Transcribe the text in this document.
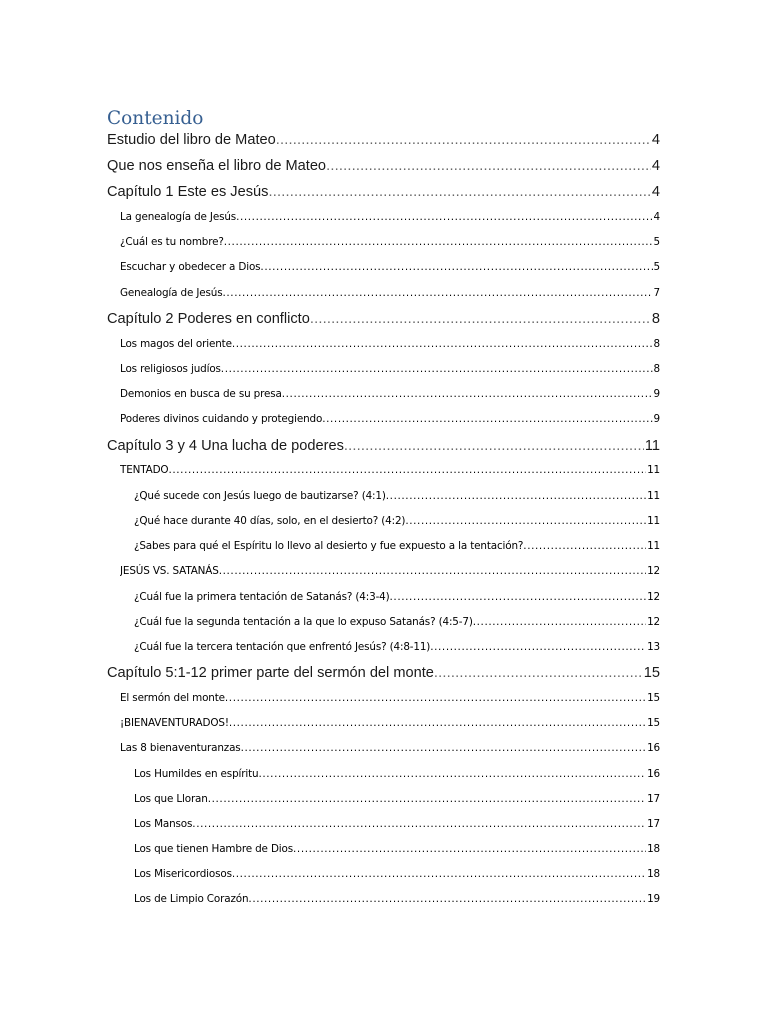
Contenido
Estudio del libro de Mateo .....	4
Que nos enseña el libro de Mateo .....	4
Capítulo 1 Este es Jesús .....	4
La genealogía de Jesús .....	4
¿Cuál es tu nombre? .....	5
Escuchar y obedecer a Dios .....	5
Genealogía de Jesús .....	7
Capítulo 2 Poderes en conflicto .....	8
Los magos del oriente .....	8
Los religiosos judíos .....	8
Demonios en busca de su presa .....	9
Poderes divinos cuidando y protegiendo .....	9
Capítulo 3 y 4 Una lucha de poderes .....	11
TENTADO .....	11
¿Qué sucede con Jesús luego de bautizarse? (4:1) .....	11
¿Qué hace durante 40 días, solo, en el desierto? (4:2) .....	11
¿Sabes para qué el Espíritu lo llevo al desierto y fue expuesto a la tentación? .....	11
JESÚS VS. SATANÁS .....	12
¿Cuál fue la primera tentación de Satanás? (4:3-4) .....	12
¿Cuál fue la segunda tentación a la que lo expuso Satanás? (4:5-7) .....	12
¿Cuál fue la tercera tentación que enfrentó Jesús? (4:8-11) .....	13
Capítulo 5:1-12 primer parte del sermón del monte .....	15
El sermón del monte .....	15
¡BIENAVENTURADOS! .....	15
Las 8 bienaventuranzas .....	16
Los Humildes en espíritu .....	16
Los que Lloran .....	17
Los Mansos .....	17
Los que tienen Hambre de Dios .....	18
Los Misericordiosos .....	18
Los de Limpio Corazón .....	19
